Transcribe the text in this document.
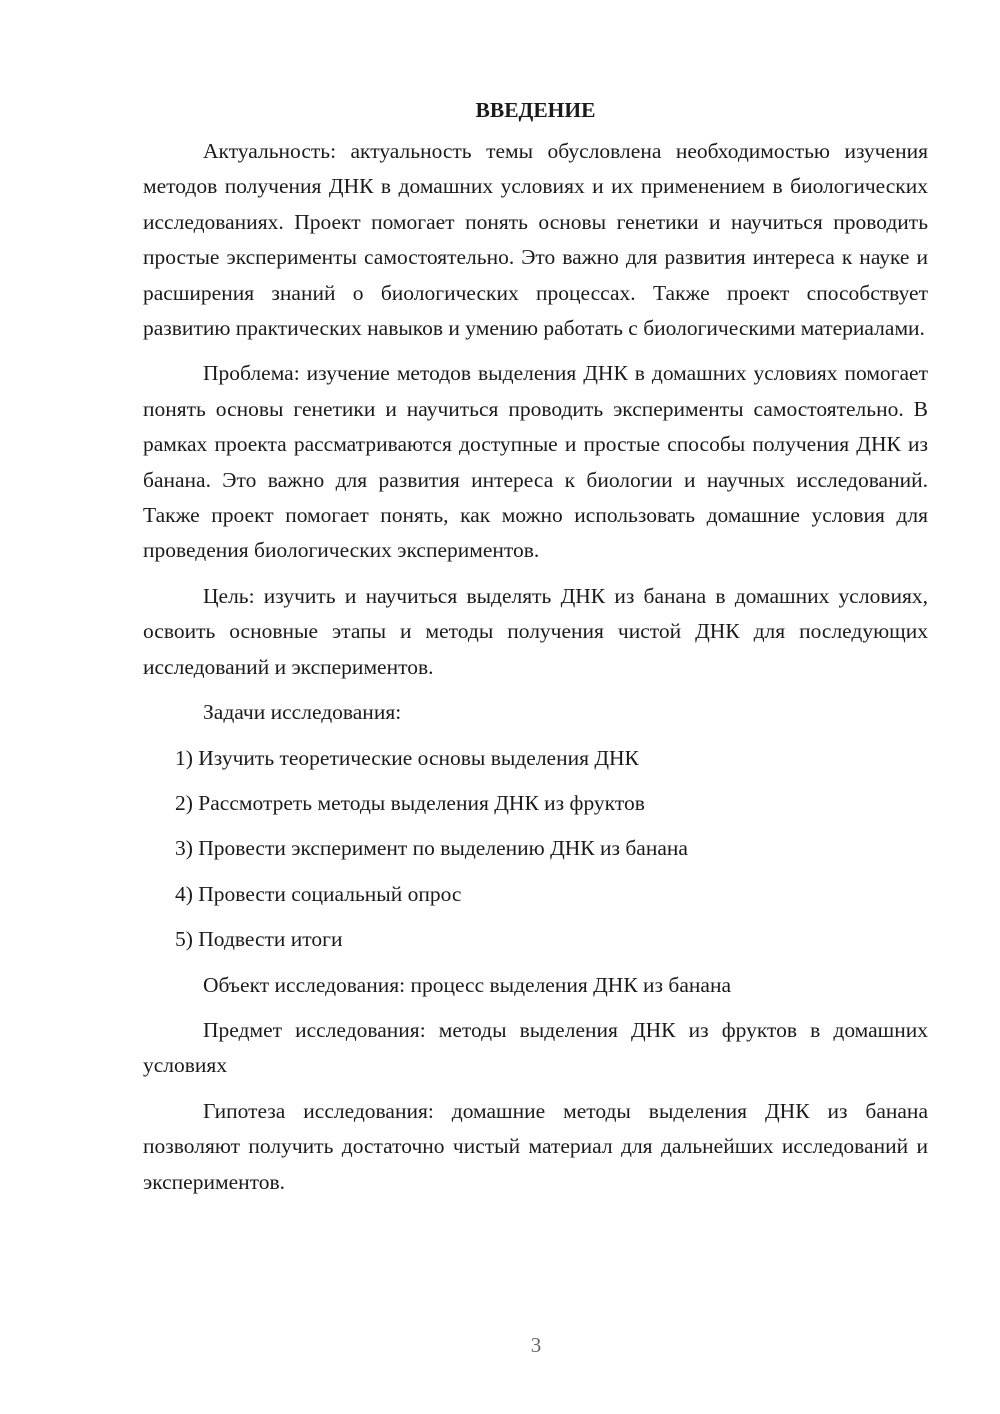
ВВЕДЕНИЕ

Актуальность: актуальность темы обусловлена необходимостью изучения методов получения ДНК в домашних условиях и их применением в биологических исследованиях. Проект помогает понять основы генетики и научиться проводить простые эксперименты самостоятельно. Это важно для развития интереса к науке и расширения знаний о биологических процессах. Также проект способствует развитию практических навыков и умению работать с биологическими материалами.

Проблема: изучение методов выделения ДНК в домашних условиях помогает понять основы генетики и научиться проводить эксперименты самостоятельно. В рамках проекта рассматриваются доступные и простые способы получения ДНК из банана. Это важно для развития интереса к биологии и научных исследований. Также проект помогает понять, как можно использовать домашние условия для проведения биологических экспериментов.

Цель: изучить и научиться выделять ДНК из банана в домашних условиях, освоить основные этапы и методы получения чистой ДНК для последующих исследований и экспериментов.

Задачи исследования:
1) Изучить теоретические основы выделения ДНК
2) Рассмотреть методы выделения ДНК из фруктов
3) Провести эксперимент по выделению ДНК из банана
4) Провести социальный опрос
5) Подвести итоги

Объект исследования: процесс выделения ДНК из банана

Предмет исследования: методы выделения ДНК из фруктов в домашних условиях

Гипотеза исследования: домашние методы выделения ДНК из банана позволяют получить достаточно чистый материал для дальнейших исследований и экспериментов.

3
